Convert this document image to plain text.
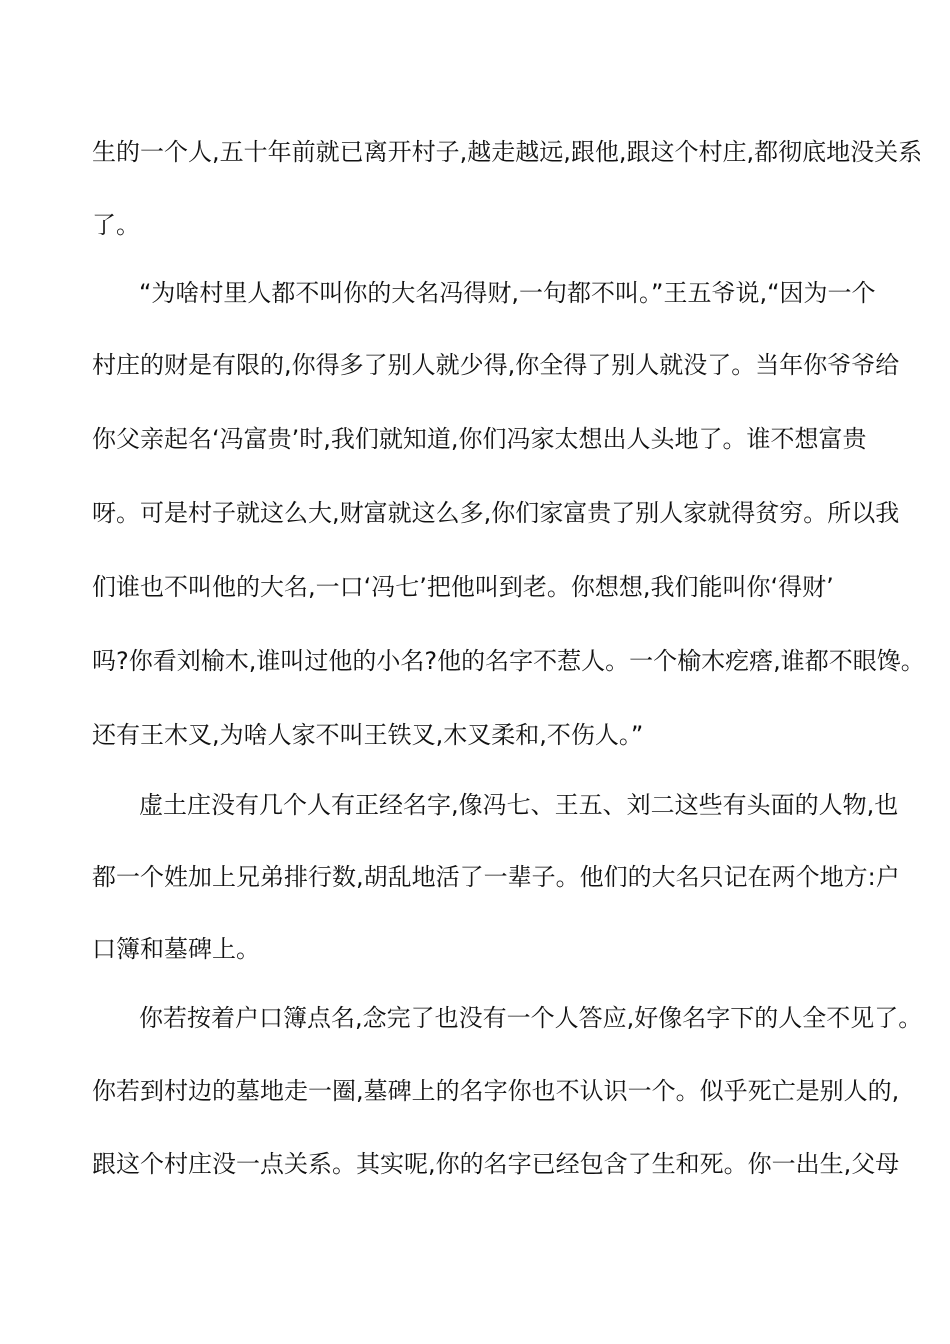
生的一个人,五十年前就已离开村子,越走越远,跟他,跟这个村庄,都彻底地没关系
了。
“为啥村里人都不叫你的大名冯得财,一句都不叫。”王五爷说,“因为一个
村庄的财是有限的,你得多了别人就少得,你全得了别人就没了。当年你爷爷给
你父亲起名‘冯富贵’时,我们就知道,你们冯家太想出人头地了。谁不想富贵
呀。可是村子就这么大,财富就这么多,你们家富贵了别人家就得贫穷。所以我
们谁也不叫他的大名,一口‘冯七’把他叫到老。你想想,我们能叫你‘得财’
吗?你看刘榆木,谁叫过他的小名?他的名字不惹人。一个榆木疙瘩,谁都不眼馋。
还有王木叉,为啥人家不叫王铁叉,木叉柔和,不伤人。”
虚土庄没有几个人有正经名字,像冯七、王五、刘二这些有头面的人物,也
都一个姓加上兄弟排行数,胡乱地活了一辈子。他们的大名只记在两个地方:户
口簿和墓碑上。
你若按着户口簿点名,念完了也没有一个人答应,好像名字下的人全不见了。
你若到村边的墓地走一圈,墓碑上的名字你也不认识一个。似乎死亡是别人的,
跟这个村庄没一点关系。其实呢,你的名字已经包含了生和死。你一出生,父母
